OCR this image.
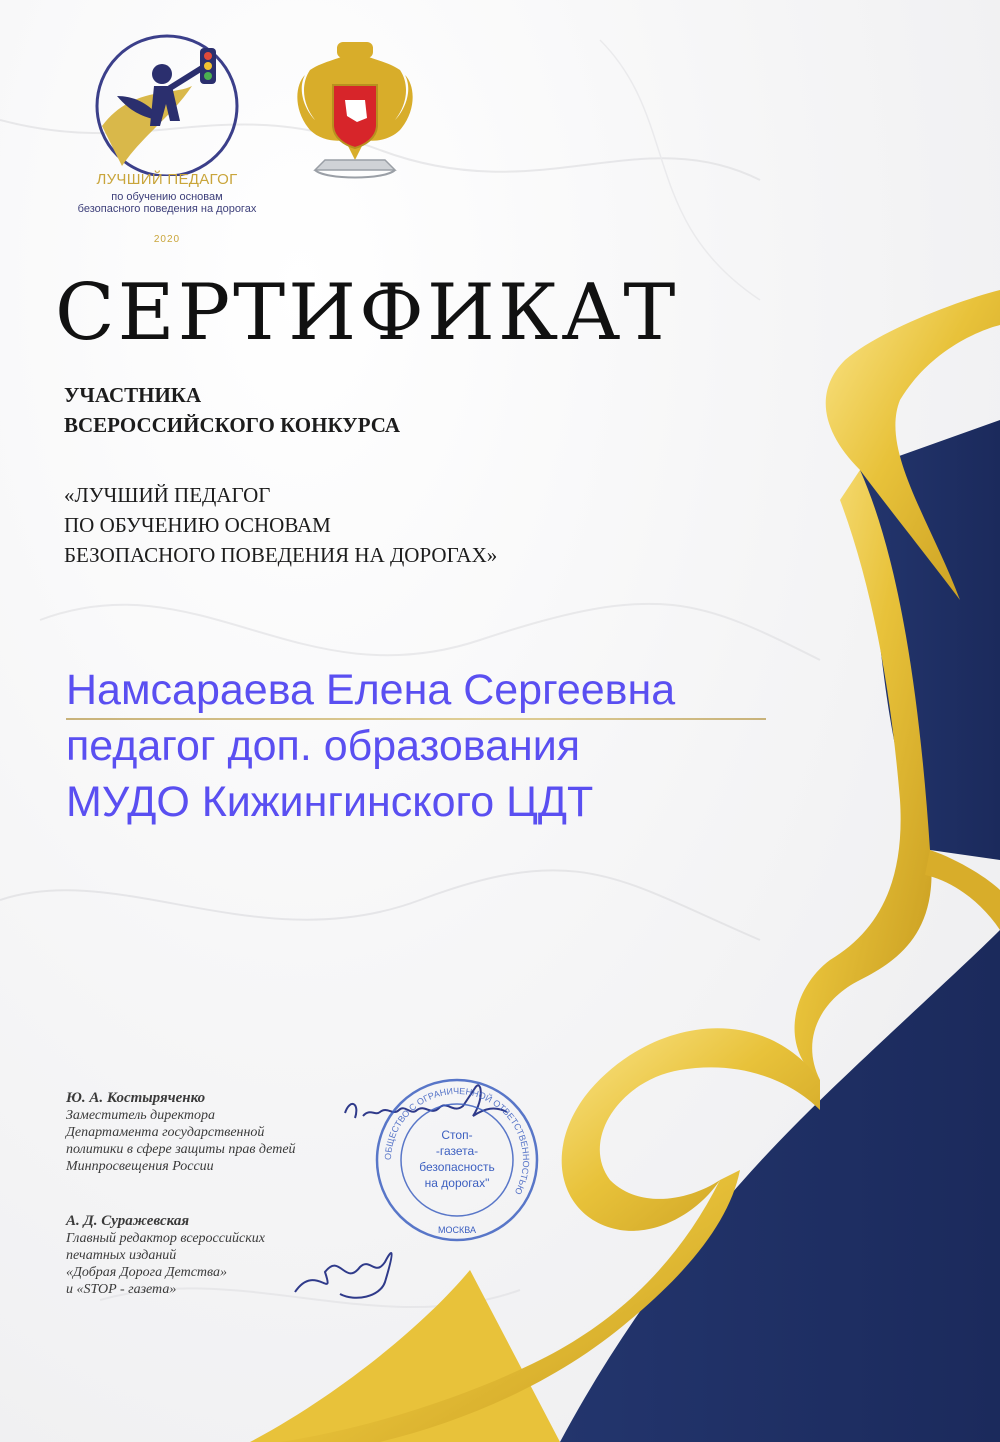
ЛУЧШИЙ ПЕДАГОГ
по обучению основам
безопасного поведения на дорогах
2020
СЕРТИФИКАТ
УЧАСТНИКА
ВСЕРОССИЙСКОГО КОНКУРСА
«ЛУЧШИЙ ПЕДАГОГ
ПО ОБУЧЕНИЮ ОСНОВАМ
БЕЗОПАСНОГО ПОВЕДЕНИЯ НА ДОРОГАХ»
Намсараева Елена Сергеевна
педагог доп. образования
МУДО Кижингинского ЦДТ
Ю. А. Костыряченко
Заместитель директора
Департамента государственной
политики в сфере защиты прав детей
Минпросвещения России
А. Д. Суражевская
Главный редактор всероссийских
печатных изданий
«Добрая Дорога Детства»
и «STOP - газета»
ОБЩЕСТВО С ОГРАНИЧЕННОЙ ОТВЕТСТВЕННОСТЬЮ
Стоп-
-газета-
безопасность
на дорогах"
МОСКВА
